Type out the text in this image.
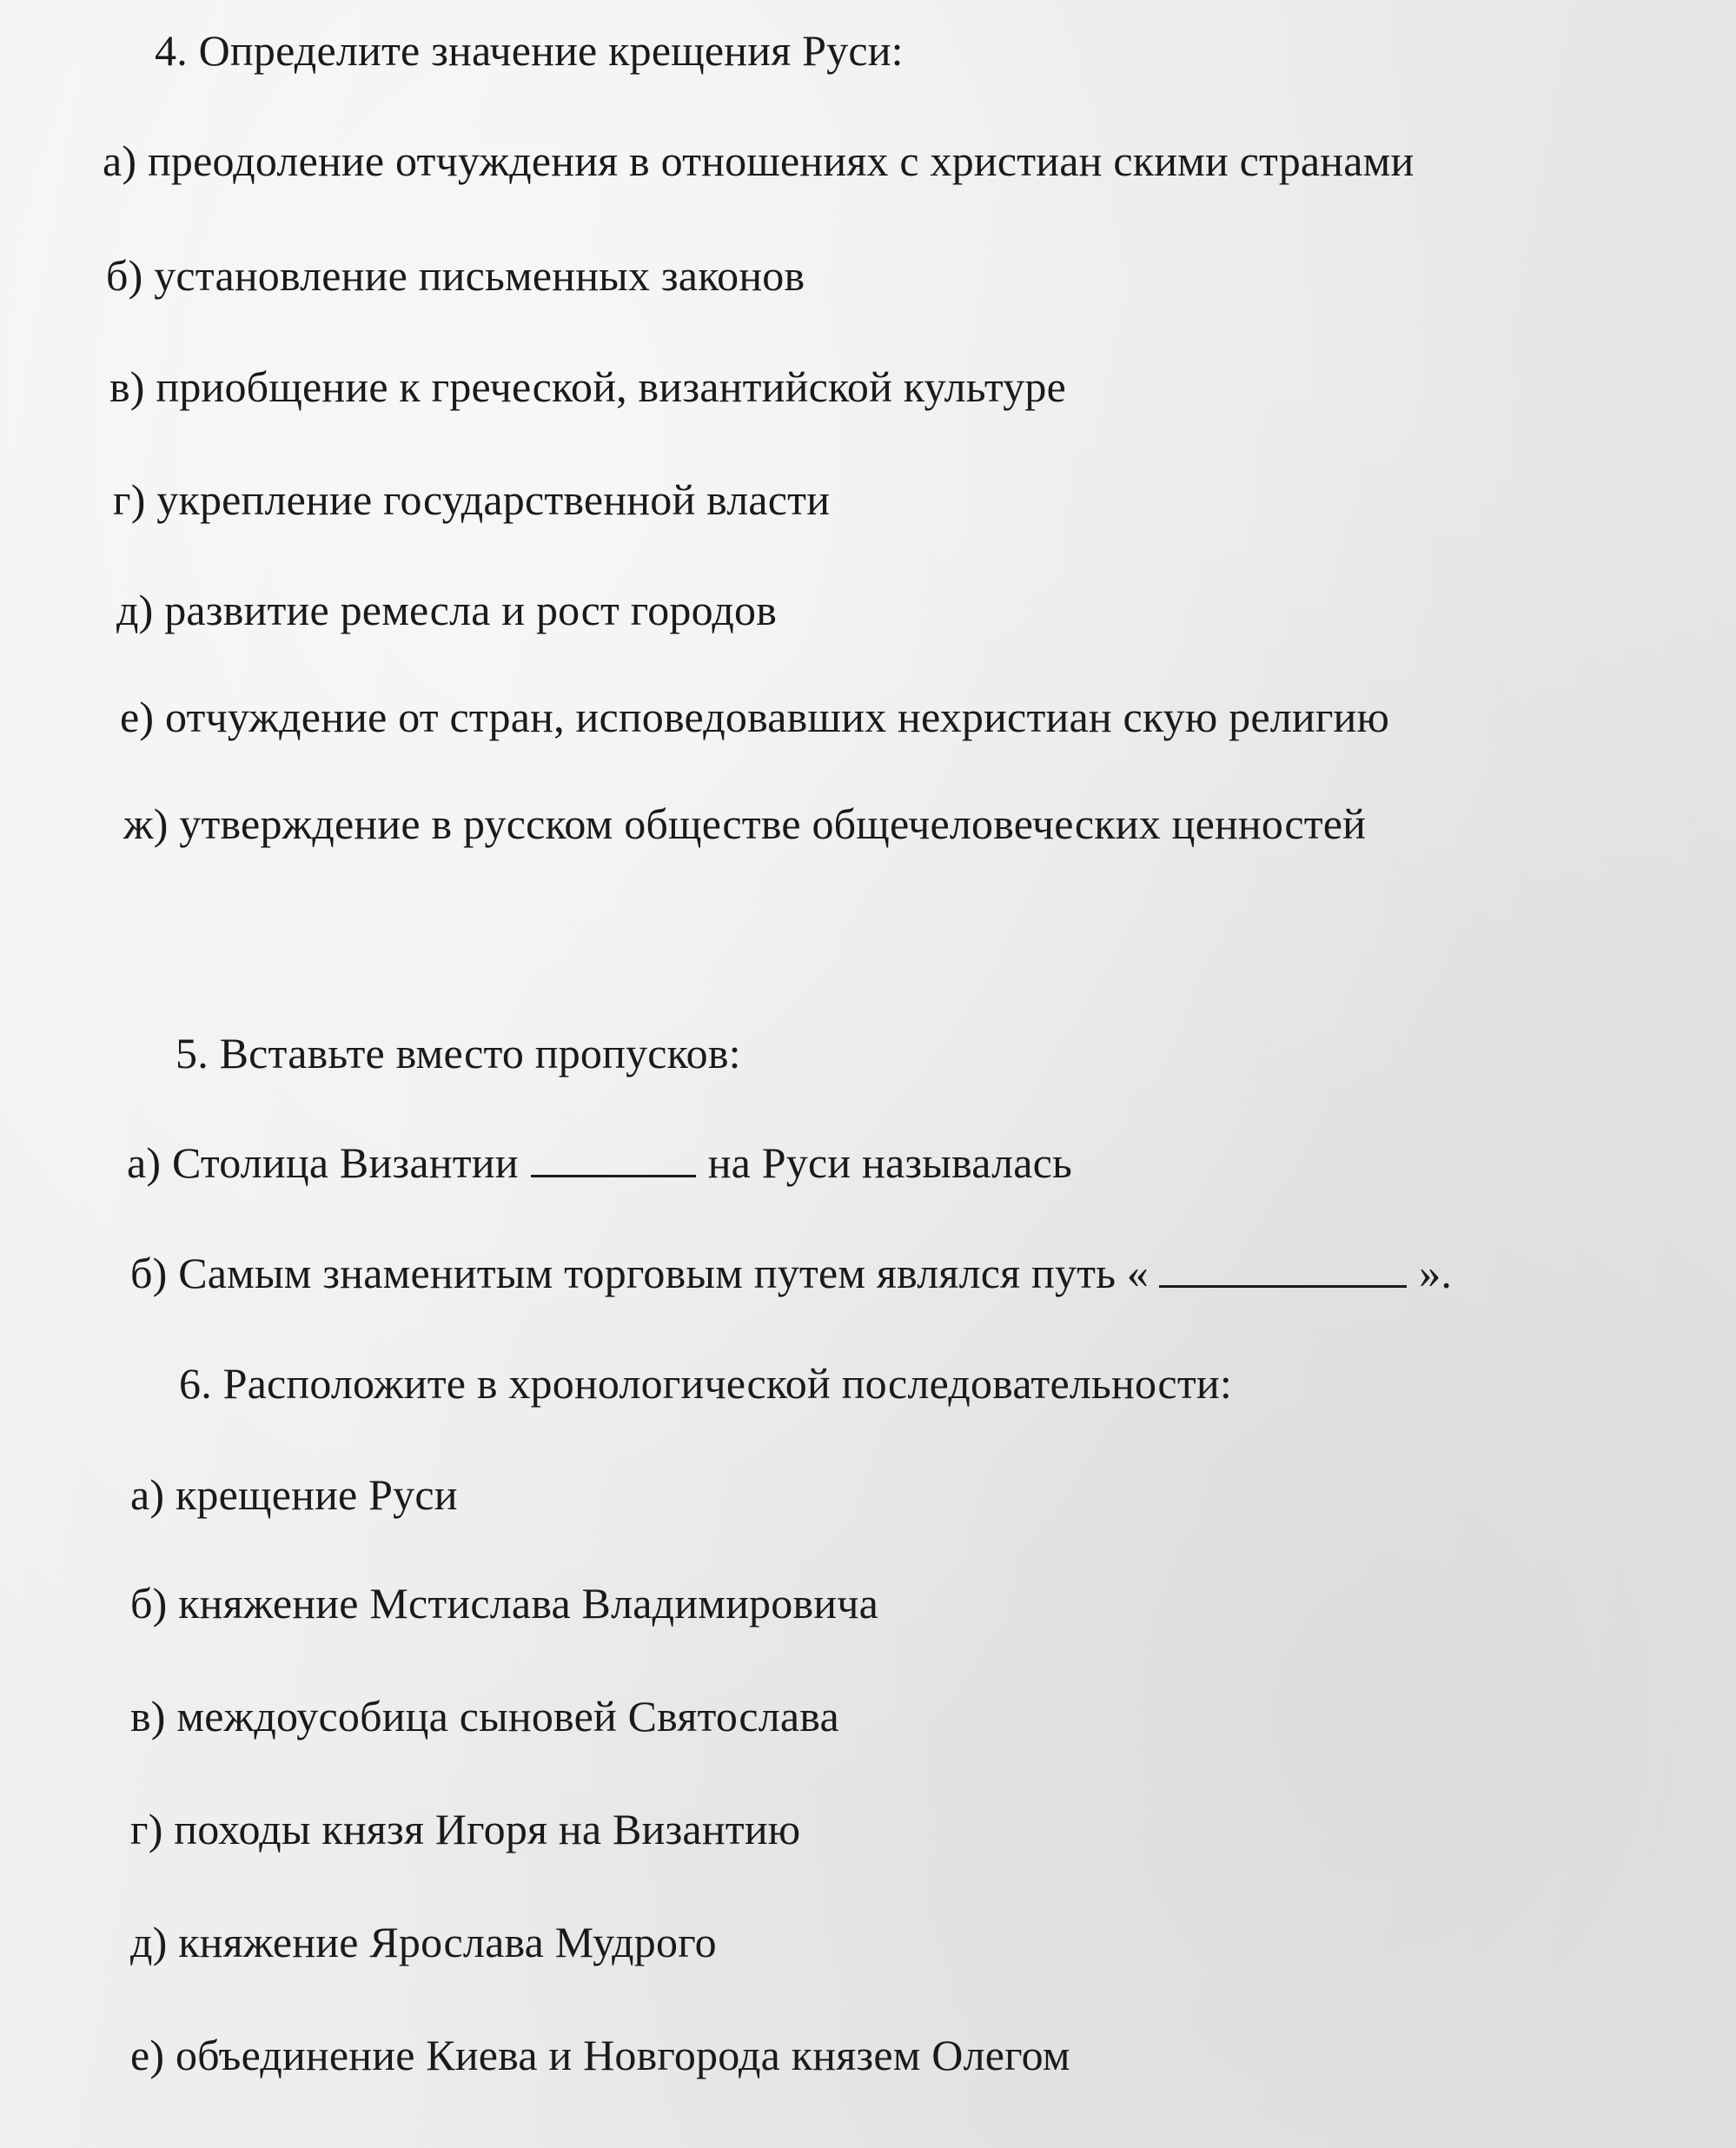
4. Определите значение крещения Руси:
а) преодоление отчуждения в отношениях с христиан скими странами
б) установление письменных законов
в) приобщение к греческой, византийской культуре
г) укрепление государственной власти
д) развитие ремесла и рост городов
е) отчуждение от стран, исповедовавших нехристиан скую религию
ж) утверждение в русском обществе общечеловеческих ценностей
5. Вставьте вместо пропусков:
а) Столица Византии	на Руси называлась
б) Самым знаменитым торговым путем являлся путь «	».
6. Расположите в хронологической последовательности:
а) крещение Руси
б) княжение Мстислава Владимировича
в) междоусобица сыновей Святослава
г) походы князя Игоря на Византию
д) княжение Ярослава Мудрого
е) объединение Киева и Новгорода князем Олегом
